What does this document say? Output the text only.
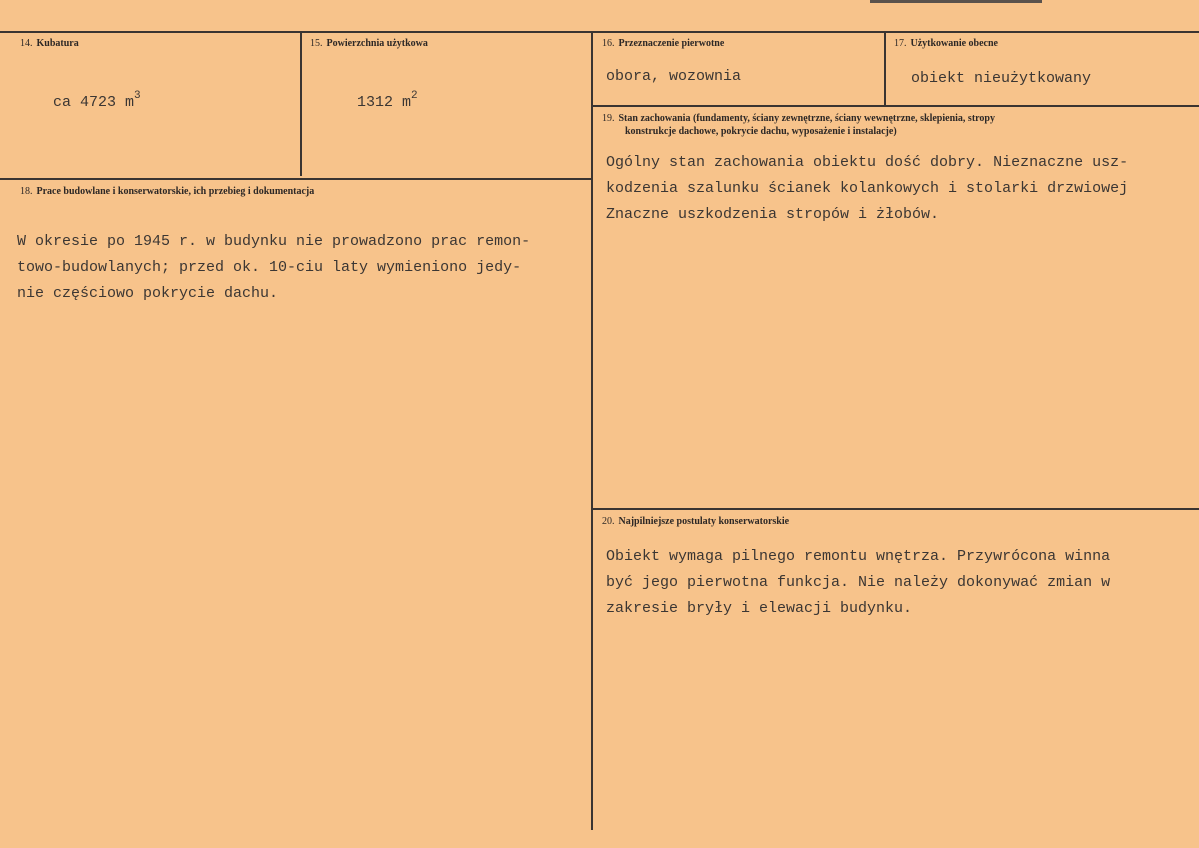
14. Kubatura

ca 4723 $m^3$

15. Powierzchnia użytkowa

1312 $m^2$

16. Przeznaczenie pierwotne
obora, wozownia
17. Użytkowanie obecne
obiekt nieużytkowany
18. Prace budowlane i konserwatorskie, ich przebieg i dokumentacja
W okresie po 1945 r. w budynku nie prowadzono prac remon-
towo-budowlanych; przed ok. 10-ciu laty wymieniono jedy-
nie częściowo pokrycie dachu.
19. Stan zachowania (fundamenty, ściany zewnętrzne, ściany wewnętrzne, sklepienia, stropy
konstrukcje dachowe, pokrycie dachu, wyposażenie i instalacje)
Ogólny stan zachowania obiektu dość dobry. Nieznaczne usz-
kodzenia szalunku ścianek kolankowych i stolarki drzwiowej
Znaczne uszkodzenia stropów i żłobów.
20. Najpilniejsze postulaty konserwatorskie
Obiekt wymaga pilnego remontu wnętrza. Przywrócona winna
być jego pierwotna funkcja. Nie należy dokonywać zmian w
zakresie bryły i elewacji budynku.
